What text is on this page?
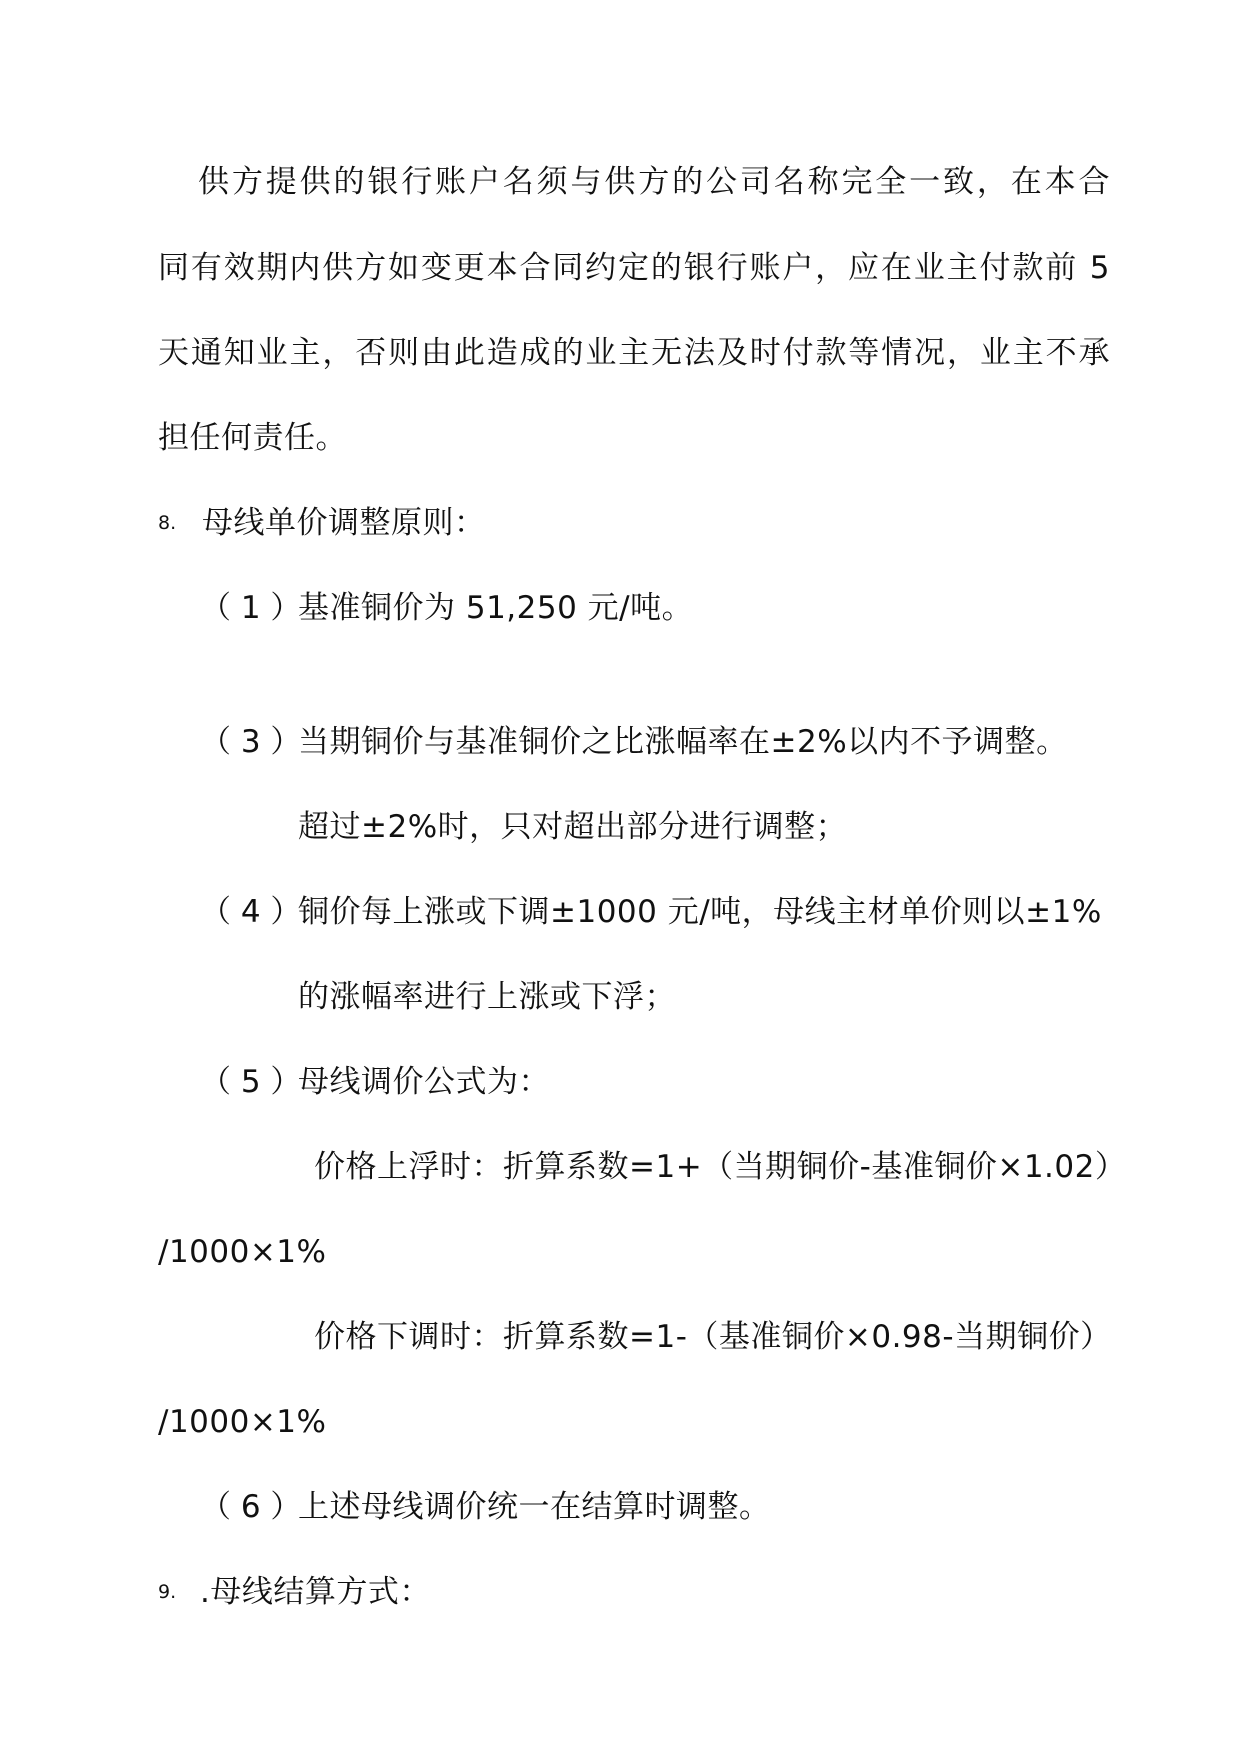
供方提供的银行账户名须与供方的公司名称完全一致，在本合
同有效期内供方如变更本合同约定的银行账户，应在业主付款前 5
天通知业主，否则由此造成的业主无法及时付款等情况，业主不承
担任何责任。
8. 母线单价调整原则：
（ 1 ）
基准铜价为 51,250 元/吨。
（ 3 ）
当期铜价与基准铜价之比涨幅率在±2%以内不予调整。
超过±2%时，只对超出部分进行调整；
（ 4 ）
铜价每上涨或下调±1000 元/吨，母线主材单价则以±1%
的涨幅率进行上涨或下浮；
（ 5 ）
母线调价公式为：
价格上浮时：折算系数=1+（当期铜价-基准铜价×1.02）
/1000×1%
价格下调时：折算系数=1-（基准铜价×0.98-当期铜价）
/1000×1%
（ 6 ）
上述母线调价统一在结算时调整。
9. .母线结算方式：
